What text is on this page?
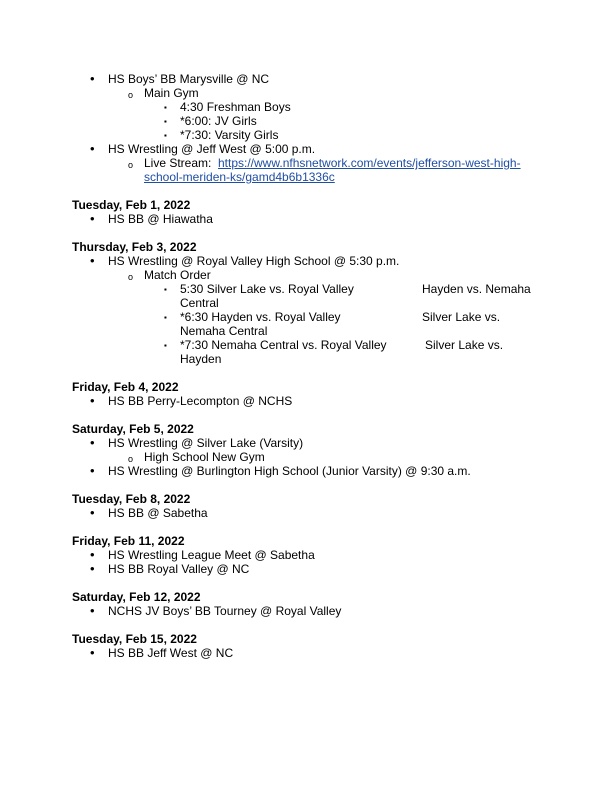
• HS Boys’ BB Marysville @ NC
o Main Gym
▪ 4:30 Freshman Boys
▪ *6:00: JV Girls
▪ *7:30: Varsity Girls
• HS Wrestling @ Jeff West @ 5:00 p.m.
o Live Stream: https://www.nfhsnetwork.com/events/jefferson-west-high-
school-meriden-ks/gamd4b6b1336c
Tuesday, Feb 1, 2022
• HS BB @ Hiawatha
Thursday, Feb 3, 2022
• HS Wrestling @ Royal Valley High School @ 5:30 p.m.
o Match Order
▪ 5:30 Silver Lake vs. Royal Valley	Hayden vs. Nemaha
Central
▪ *6:30 Hayden vs. Royal Valley	Silver Lake vs.
Nemaha Central
▪ *7:30 Nemaha Central vs. Royal Valley	Silver Lake vs.
Hayden
Friday, Feb 4, 2022
• HS BB Perry-Lecompton @ NCHS
Saturday, Feb 5, 2022
• HS Wrestling @ Silver Lake (Varsity)
o High School New Gym
• HS Wrestling @ Burlington High School (Junior Varsity) @ 9:30 a.m.
Tuesday, Feb 8, 2022
• HS BB @ Sabetha
Friday, Feb 11, 2022
• HS Wrestling League Meet @ Sabetha
• HS BB Royal Valley @ NC
Saturday, Feb 12, 2022
• NCHS JV Boys’ BB Tourney @ Royal Valley
Tuesday, Feb 15, 2022
• HS BB Jeff West @ NC
